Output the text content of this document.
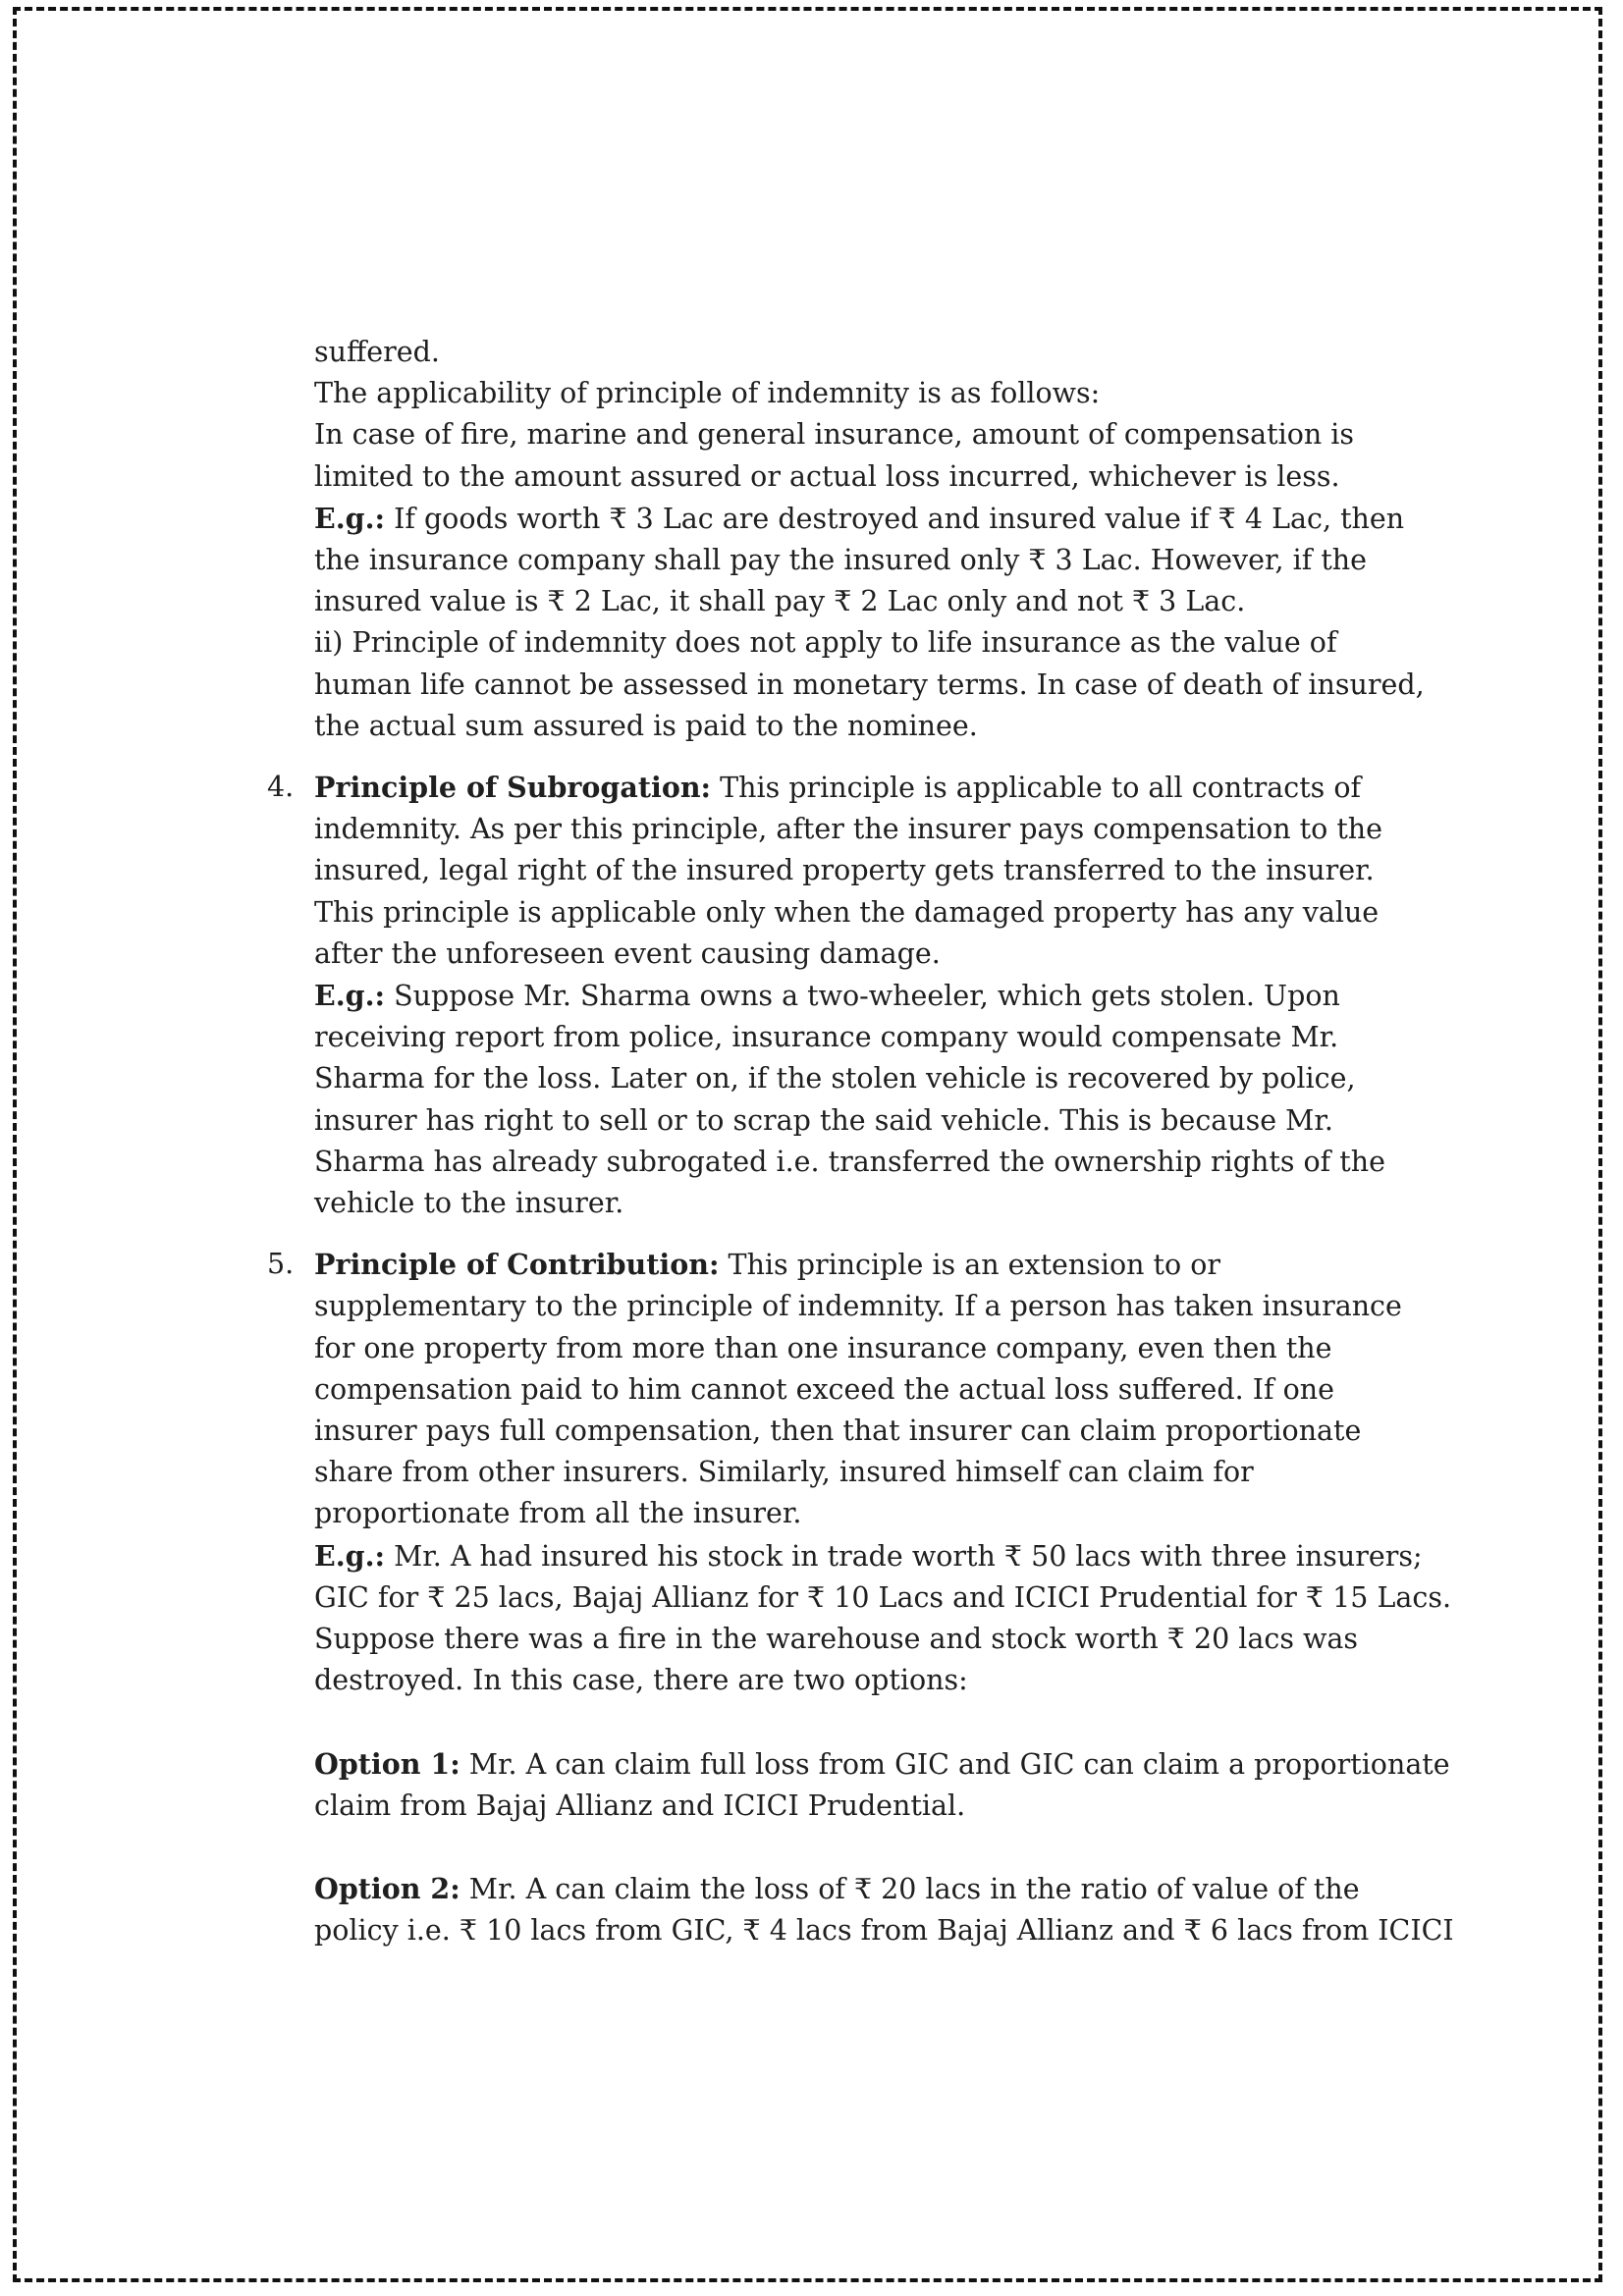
suffered.
The applicability of principle of indemnity is as follows:
In case of fire, marine and general insurance, amount of compensation is
limited to the amount assured or actual loss incurred, whichever is less.
E.g.: If goods worth ₹ 3 Lac are destroyed and insured value if ₹ 4 Lac, then
the insurance company shall pay the insured only ₹ 3 Lac. However, if the
insured value is ₹ 2 Lac, it shall pay ₹ 2 Lac only and not ₹ 3 Lac.
ii) Principle of indemnity does not apply to life insurance as the value of
human life cannot be assessed in monetary terms. In case of death of insured,
the actual sum assured is paid to the nominee.
4. Principle of Subrogation: This principle is applicable to all contracts of
indemnity. As per this principle, after the insurer pays compensation to the
insured, legal right of the insured property gets transferred to the insurer.
This principle is applicable only when the damaged property has any value
after the unforeseen event causing damage.
E.g.: Suppose Mr. Sharma owns a two-wheeler, which gets stolen. Upon
receiving report from police, insurance company would compensate Mr.
Sharma for the loss. Later on, if the stolen vehicle is recovered by police,
insurer has right to sell or to scrap the said vehicle. This is because Mr.
Sharma has already subrogated i.e. transferred the ownership rights of the
vehicle to the insurer.
5. Principle of Contribution: This principle is an extension to or
supplementary to the principle of indemnity. If a person has taken insurance
for one property from more than one insurance company, even then the
compensation paid to him cannot exceed the actual loss suffered. If one
insurer pays full compensation, then that insurer can claim proportionate
share from other insurers. Similarly, insured himself can claim for
proportionate from all the insurer.
E.g.: Mr. A had insured his stock in trade worth ₹ 50 lacs with three insurers;
GIC for ₹ 25 lacs, Bajaj Allianz for ₹ 10 Lacs and ICICI Prudential for ₹ 15 Lacs.
Suppose there was a fire in the warehouse and stock worth ₹ 20 lacs was
destroyed. In this case, there are two options:
Option 1: Mr. A can claim full loss from GIC and GIC can claim a proportionate
claim from Bajaj Allianz and ICICI Prudential.
Option 2: Mr. A can claim the loss of ₹ 20 lacs in the ratio of value of the
policy i.e. ₹ 10 lacs from GIC, ₹ 4 lacs from Bajaj Allianz and ₹ 6 lacs from ICICI
